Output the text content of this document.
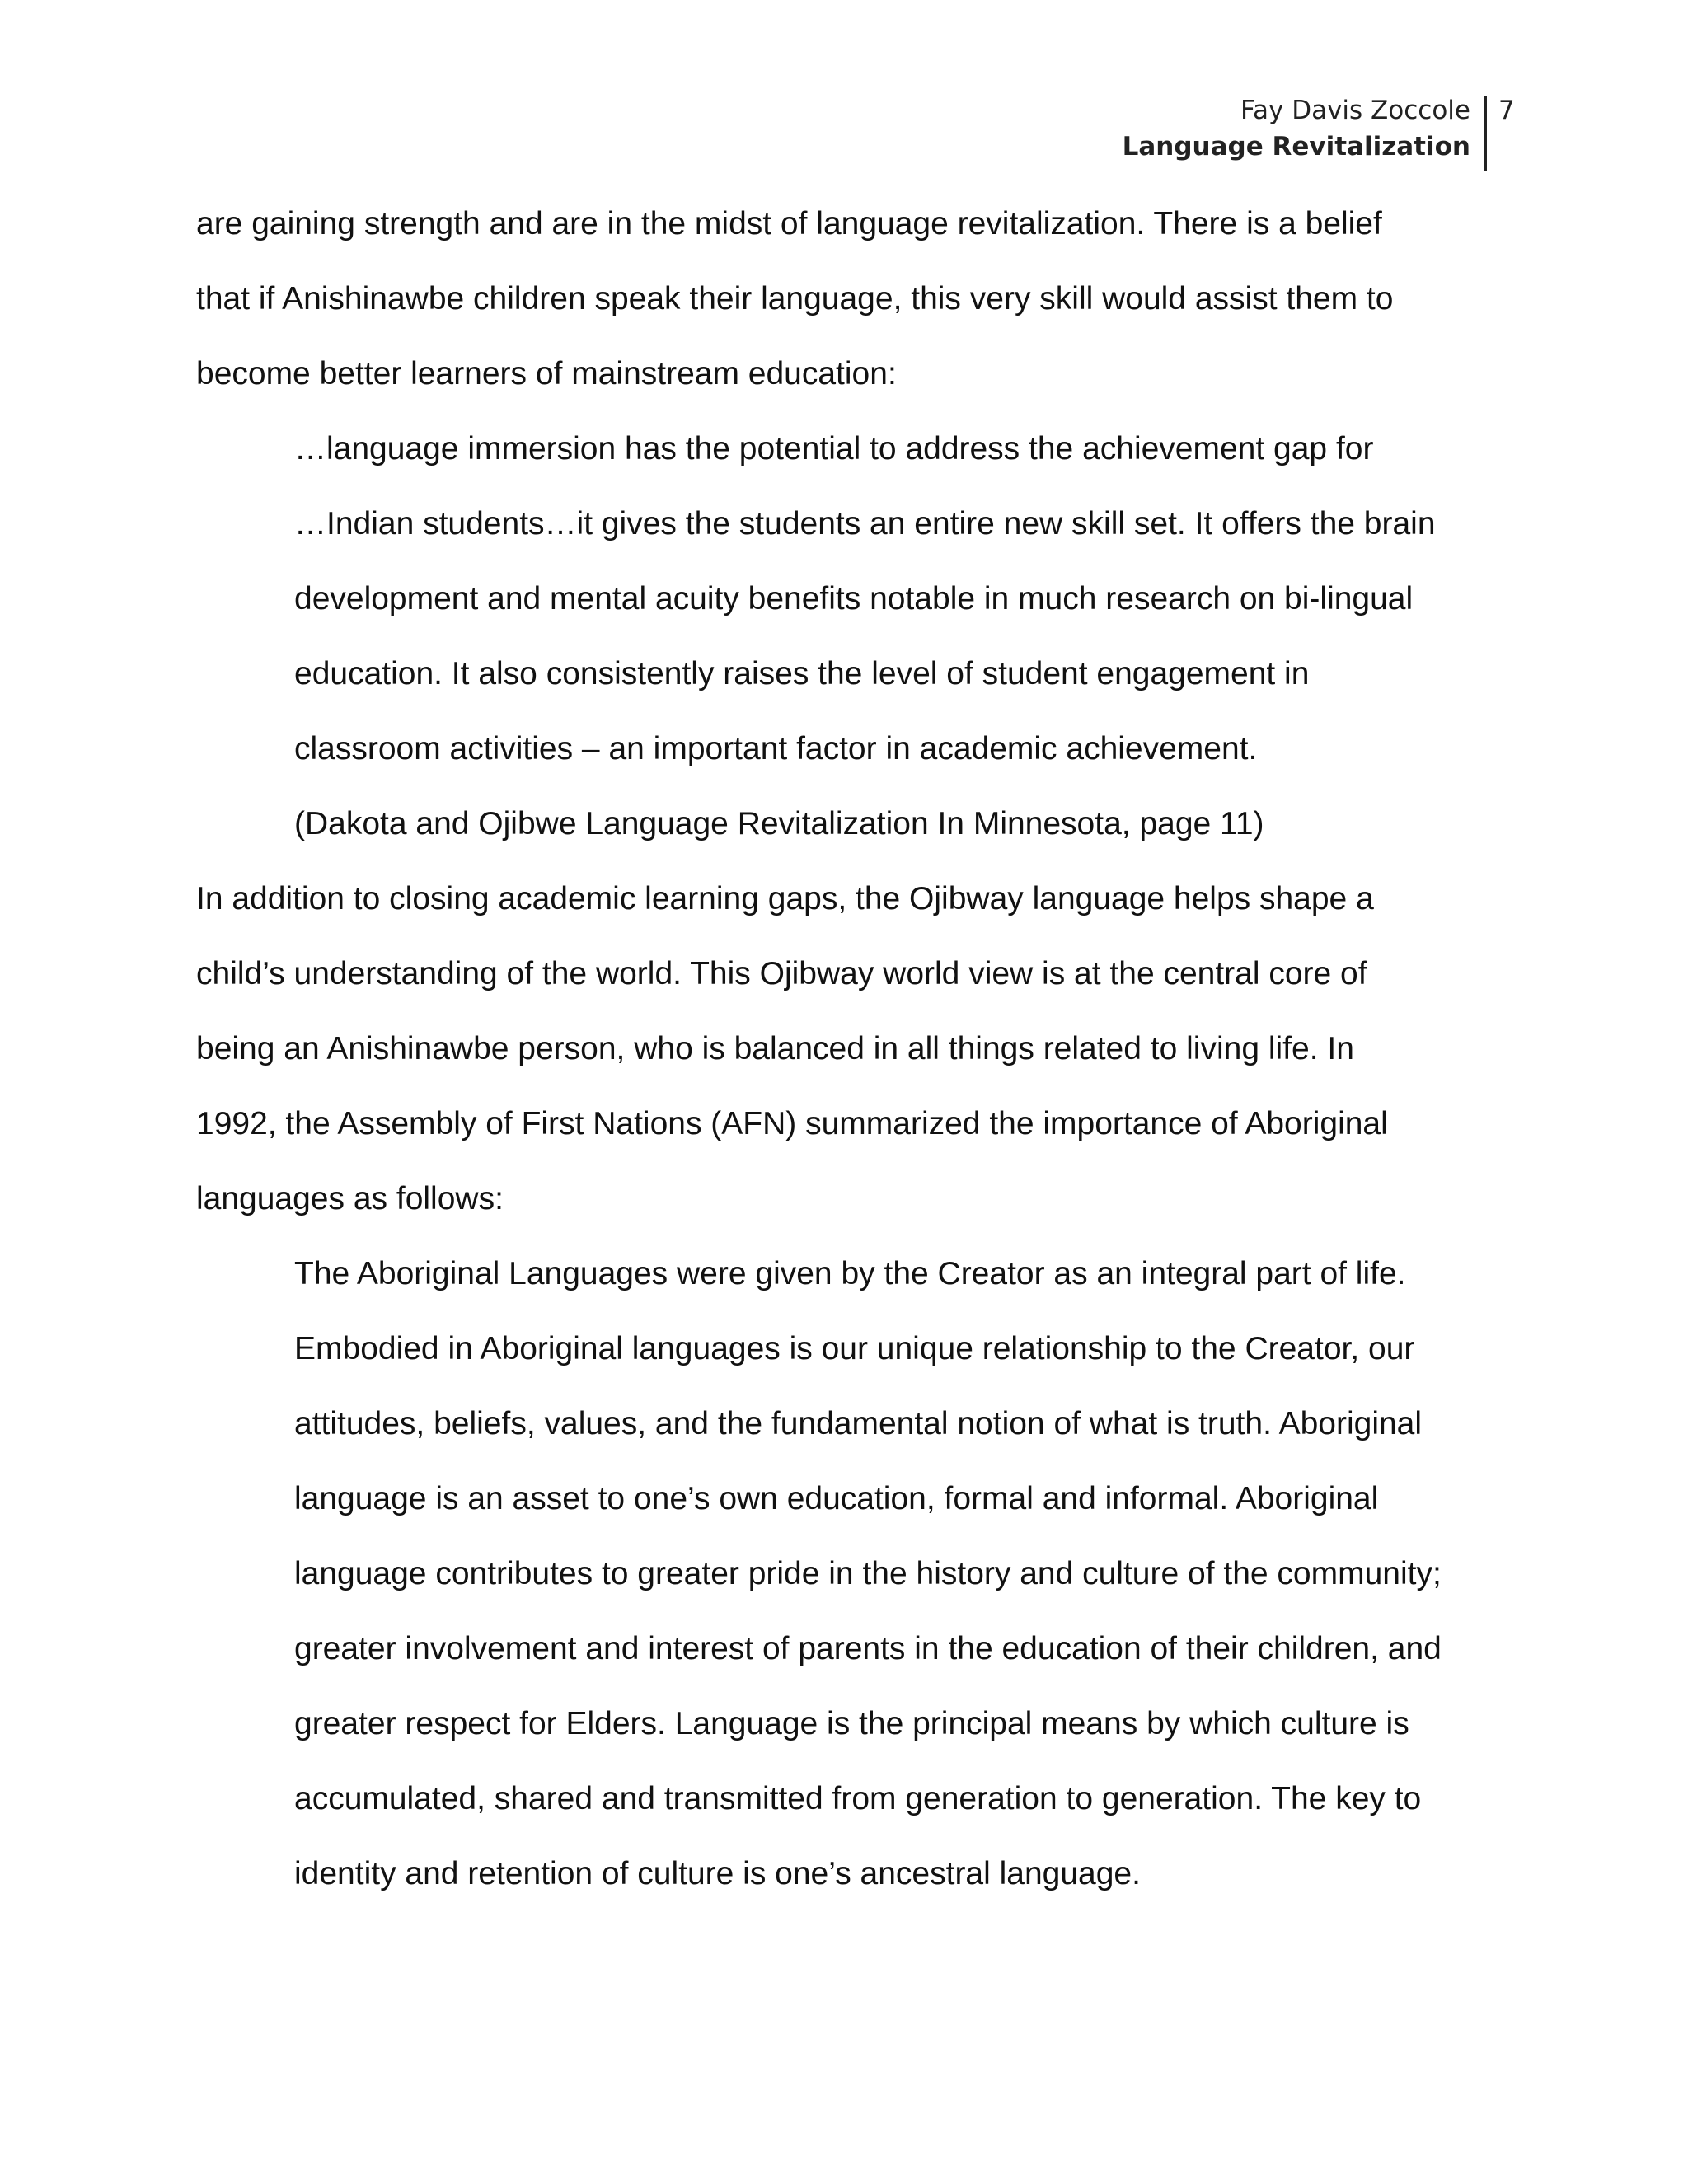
Fay Davis Zoccole
Language Revitalization
7
are gaining strength and are in the midst of language revitalization. There is a belief
that if Anishinawbe children speak their language, this very skill would assist them to
become better learners of mainstream education:
…language immersion has the potential to address the achievement gap for
…Indian students…it gives the students an entire new skill set. It offers the brain
development and mental acuity benefits notable in much research on bi-lingual
education. It also consistently raises the level of student engagement in
classroom activities – an important factor in academic achievement.
(Dakota and Ojibwe Language Revitalization In Minnesota, page 11)
In addition to closing academic learning gaps, the Ojibway language helps shape a
child’s understanding of the world. This Ojibway world view is at the central core of
being an Anishinawbe person, who is balanced in all things related to living life. In
1992, the Assembly of First Nations (AFN) summarized the importance of Aboriginal
languages as follows:
The Aboriginal Languages were given by the Creator as an integral part of life.
Embodied in Aboriginal languages is our unique relationship to the Creator, our
attitudes, beliefs, values, and the fundamental notion of what is truth. Aboriginal
language is an asset to one’s own education, formal and informal. Aboriginal
language contributes to greater pride in the history and culture of the community;
greater involvement and interest of parents in the education of their children, and
greater respect for Elders. Language is the principal means by which culture is
accumulated, shared and transmitted from generation to generation. The key to
identity and retention of culture is one’s ancestral language.
